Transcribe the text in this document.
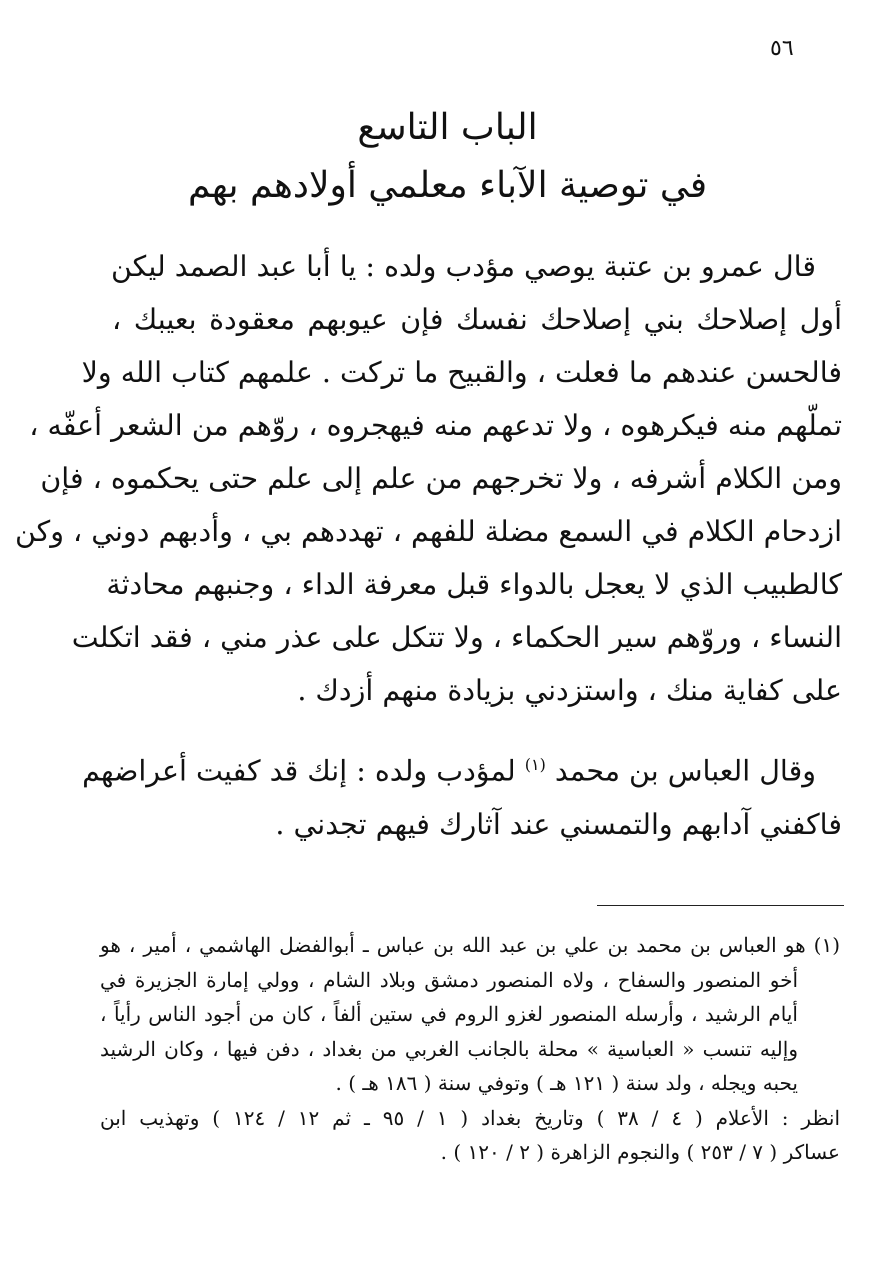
٥٦
الباب التاسع
في توصية الآباء معلمي أولادهم بهم
قال عمرو بن عتبة يوصي مؤدب ولده : يا أبا عبد الصمد ليكن
أول إصلاحك بني إصلاحك نفسك فإن عيوبهم معقودة بعيبك ،
فالحسن عندهم ما فعلت ، والقبيح ما تركت . علمهم كتاب الله ولا
تملّهم منه فيكرهوه ، ولا تدعهم منه فيهجروه ، روّهم من الشعر أعفّه ،
ومن الكلام أشرفه ، ولا تخرجهم من علم إلى علم حتى يحكموه ، فإن
ازدحام الكلام في السمع مضلة للفهم ، تهددهم بي ، وأدبهم دوني ، وكن
كالطبيب الذي لا يعجل بالدواء قبل معرفة الداء ، وجنبهم محادثة
النساء ، وروّهم سير الحكماء ، ولا تتكل على عذر مني ، فقد اتكلت
على كفاية منك ، واستزدني بزيادة منهم أزدك .
وقال العباس بن محمد $^{(١)}$ لمؤدب ولده : إنك قد كفيت أعراضهم
فاكفني آدابهم والتمسني عند آثارك فيهم تجدني .
(١) هو العباس بن محمد بن علي بن عبد الله بن عباس ـ أبوالفضل الهاشمي ، أمير ، هو
أخو المنصور والسفاح ، ولاه المنصور دمشق وبلاد الشام ، وولي إمارة الجزيرة في
أيام الرشيد ، وأرسله المنصور لغزو الروم في ستين ألفاً ، كان من أجود الناس رأياً ،
وإليه تنسب « العباسية » محلة بالجانب الغربي من بغداد ، دفن فيها ، وكان الرشيد
يحبه ويجله ، ولد سنة ( ١٢١ هـ ) وتوفي سنة ( ١٨٦ هـ ) .
انظر : الأعلام ( ٤ / ٣٨ ) وتاريخ بغداد ( ١ / ٩٥ ـ ثم ١٢ / ١٢٤ ) وتهذيب ابن
عساكر ( ٧ / ٢٥٣ ) والنجوم الزاهرة ( ٢ / ١٢٠ ) .
